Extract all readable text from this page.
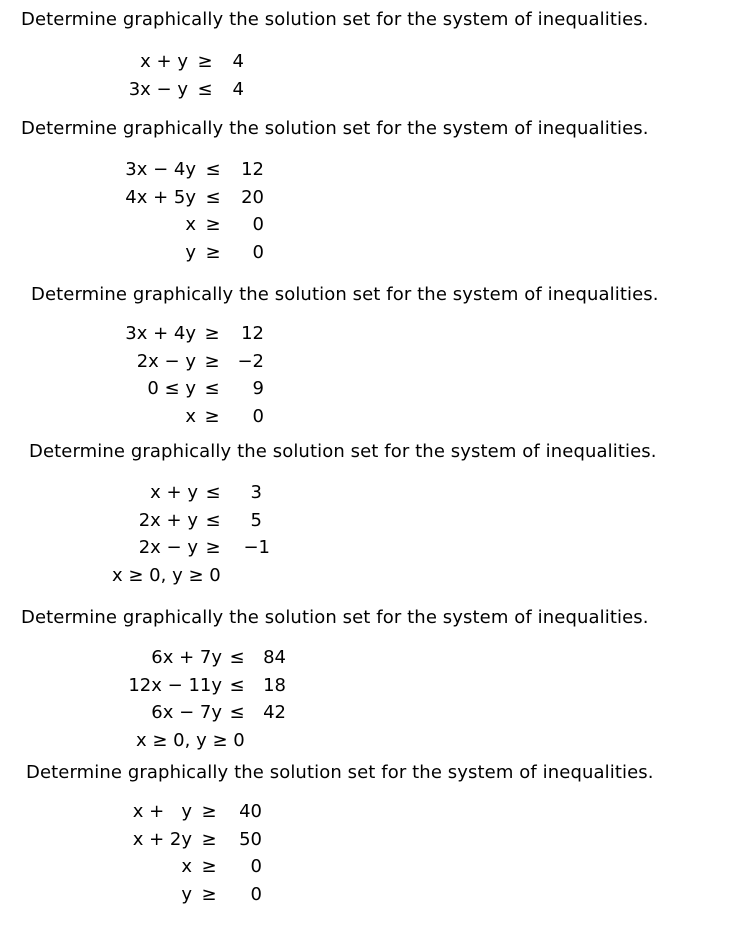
Determine graphically the solution set for the system of inequalities.
x + y ≥	4
3x − y ≤	4
Determine graphically the solution set for the system of inequalities.
3x − 4y ≤	12
4x + 5y ≤	20
x ≥	0
y ≥	0
Determine graphically the solution set for the system of inequalities.
3x + 4y ≥	12
2x − y ≥ −2
0 ≤ y ≤	9
x ≥	0
Determine graphically the solution set for the system of inequalities.
x + y ≤	3
2x + y ≤	5
2x − y ≥	−1
x ≥ 0, y ≥ 0
Determine graphically the solution set for the system of inequalities.
6x + 7y ≤	84
12x − 11y ≤	18
6x − 7y ≤	42
x ≥ 0, y ≥ 0
Determine graphically the solution set for the system of inequalities.
x +   y ≥	40
x + 2y ≥	50
x ≥	0
y ≥	0
